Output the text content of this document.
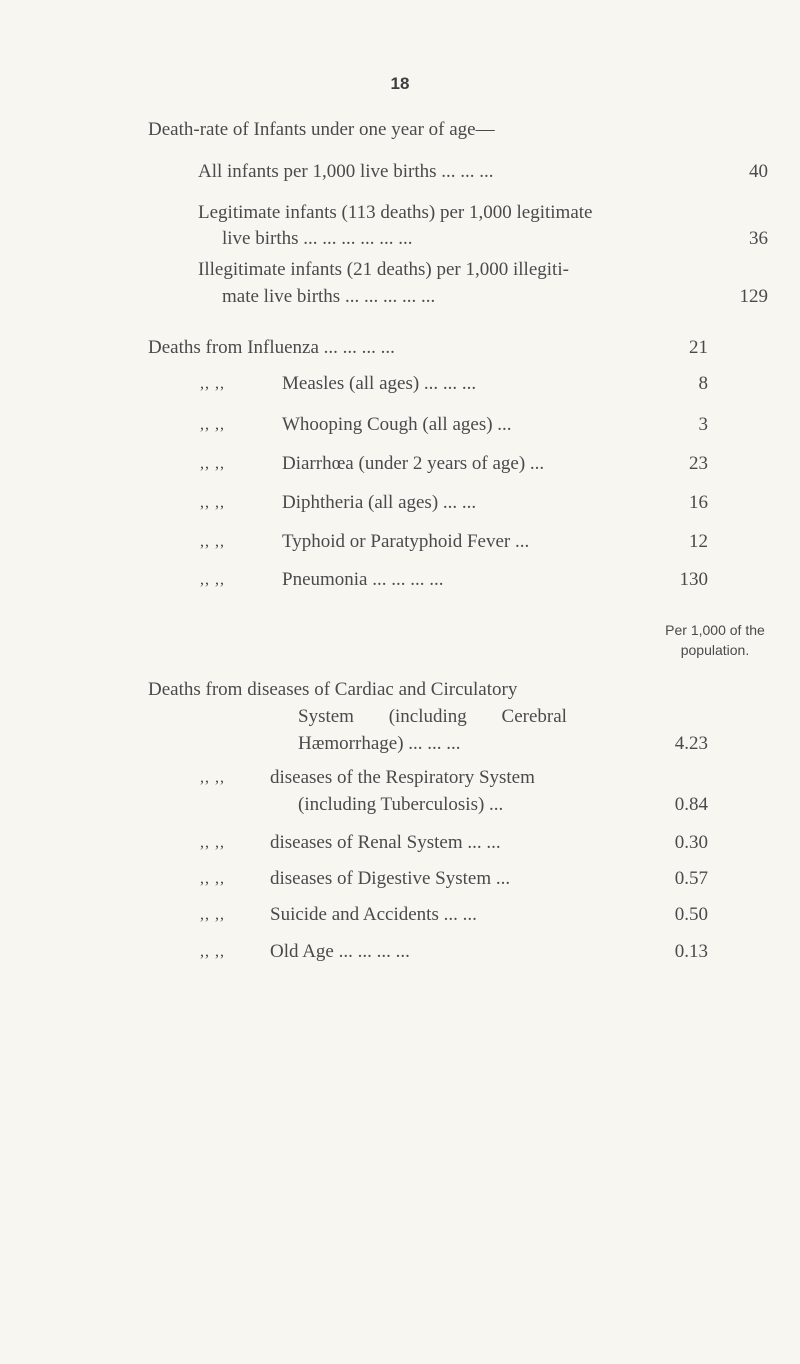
18
Death-rate of Infants under one year of age—
All infants per 1,000 live births ... ... ...	40
Legitimate infants (113 deaths) per 1,000 legitimate
live births ... ... ... ... ... ...	36
Illegitimate infants (21 deaths) per 1,000 illegiti-
mate live births ... ... ... ... ...	129
Deaths from Influenza ... ... ... ...	21
,, ,,	Measles (all ages) ... ... ...	8
,, ,,	Whooping Cough (all ages) ...	3
,, ,,	Diarrhœa (under 2 years of age) ...	23
,, ,,	Diphtheria (all ages) ... ...	16
,, ,,	Typhoid or Paratyphoid Fever ...	12
,, ,,	Pneumonia ... ... ... ...	130
Per 1,000 of the population.
Deaths from diseases of Cardiac and Circulatory
System (including Cerebral
Hæmorrhage) ... ... ...	4.23
,, ,, diseases of the Respiratory System
(including Tuberculosis) ...	0.84
,, ,, diseases of Renal System ... ...	0.30
,, ,, diseases of Digestive System ...	0.57
,, ,, Suicide and Accidents ... ...	0.50
,, ,, Old Age ... ... ... ...	0.13
